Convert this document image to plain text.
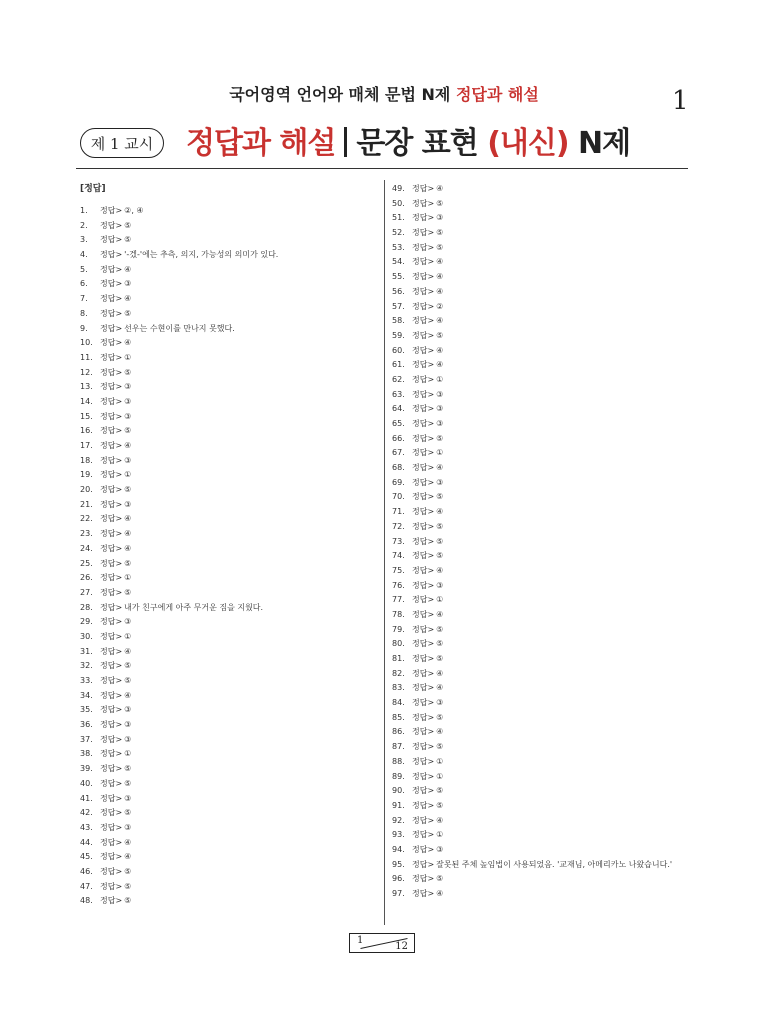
국어영역 언어와 매체 문법 N제 정답과 해설	1
제 1 교시	정답과 해설 문장 표현 (내신) N제
[정답]
1. 정답> ②, ④
2. 정답> ⑤
3. 정답> ⑤
4. 정답> '-겠-'에는 추측, 의지, 가능성의 의미가 있다.
5. 정답> ④
6. 정답> ③
7. 정답> ④
8. 정답> ⑤
9. 정답> 선우는 수현이를 만나지 못했다.
10. 정답> ④
11. 정답> ①
12. 정답> ⑤
13. 정답> ③
14. 정답> ③
15. 정답> ③
16. 정답> ⑤
17. 정답> ④
18. 정답> ③
19. 정답> ①
20. 정답> ⑤
21. 정답> ③
22. 정답> ④
23. 정답> ④
24. 정답> ④
25. 정답> ⑤
26. 정답> ①
27. 정답> ⑤
28. 정답> 내가 친구에게 아주 무거운 짐을 지웠다.
29. 정답> ③
30. 정답> ①
31. 정답> ④
32. 정답> ⑤
33. 정답> ⑤
34. 정답> ④
35. 정답> ③
36. 정답> ③
37. 정답> ③
38. 정답> ①
39. 정답> ⑤
40. 정답> ⑤
41. 정답> ③
42. 정답> ⑤
43. 정답> ③
44. 정답> ④
45. 정답> ④
46. 정답> ⑤
47. 정답> ⑤
48. 정답> ⑤
49. 정답> ④
50. 정답> ⑤
51. 정답> ③
52. 정답> ⑤
53. 정답> ⑤
54. 정답> ④
55. 정답> ④
56. 정답> ④
57. 정답> ②
58. 정답> ④
59. 정답> ⑤
60. 정답> ④
61. 정답> ④
62. 정답> ①
63. 정답> ③
64. 정답> ③
65. 정답> ③
66. 정답> ⑤
67. 정답> ①
68. 정답> ④
69. 정답> ③
70. 정답> ⑤
71. 정답> ④
72. 정답> ⑤
73. 정답> ⑤
74. 정답> ⑤
75. 정답> ④
76. 정답> ③
77. 정답> ①
78. 정답> ④
79. 정답> ⑤
80. 정답> ⑤
81. 정답> ⑤
82. 정답> ④
83. 정답> ④
84. 정답> ③
85. 정답> ⑤
86. 정답> ④
87. 정답> ⑤
88. 정답> ①
89. 정답> ①
90. 정답> ⑤
91. 정답> ⑤
92. 정답> ④
93. 정답> ①
94. 정답> ③
95. 정답> 잘못된 주체 높임법이 사용되었음. '교재님, 아메리카노 나왔습니다.'
96. 정답> ⑤
97. 정답> ④
1
12
